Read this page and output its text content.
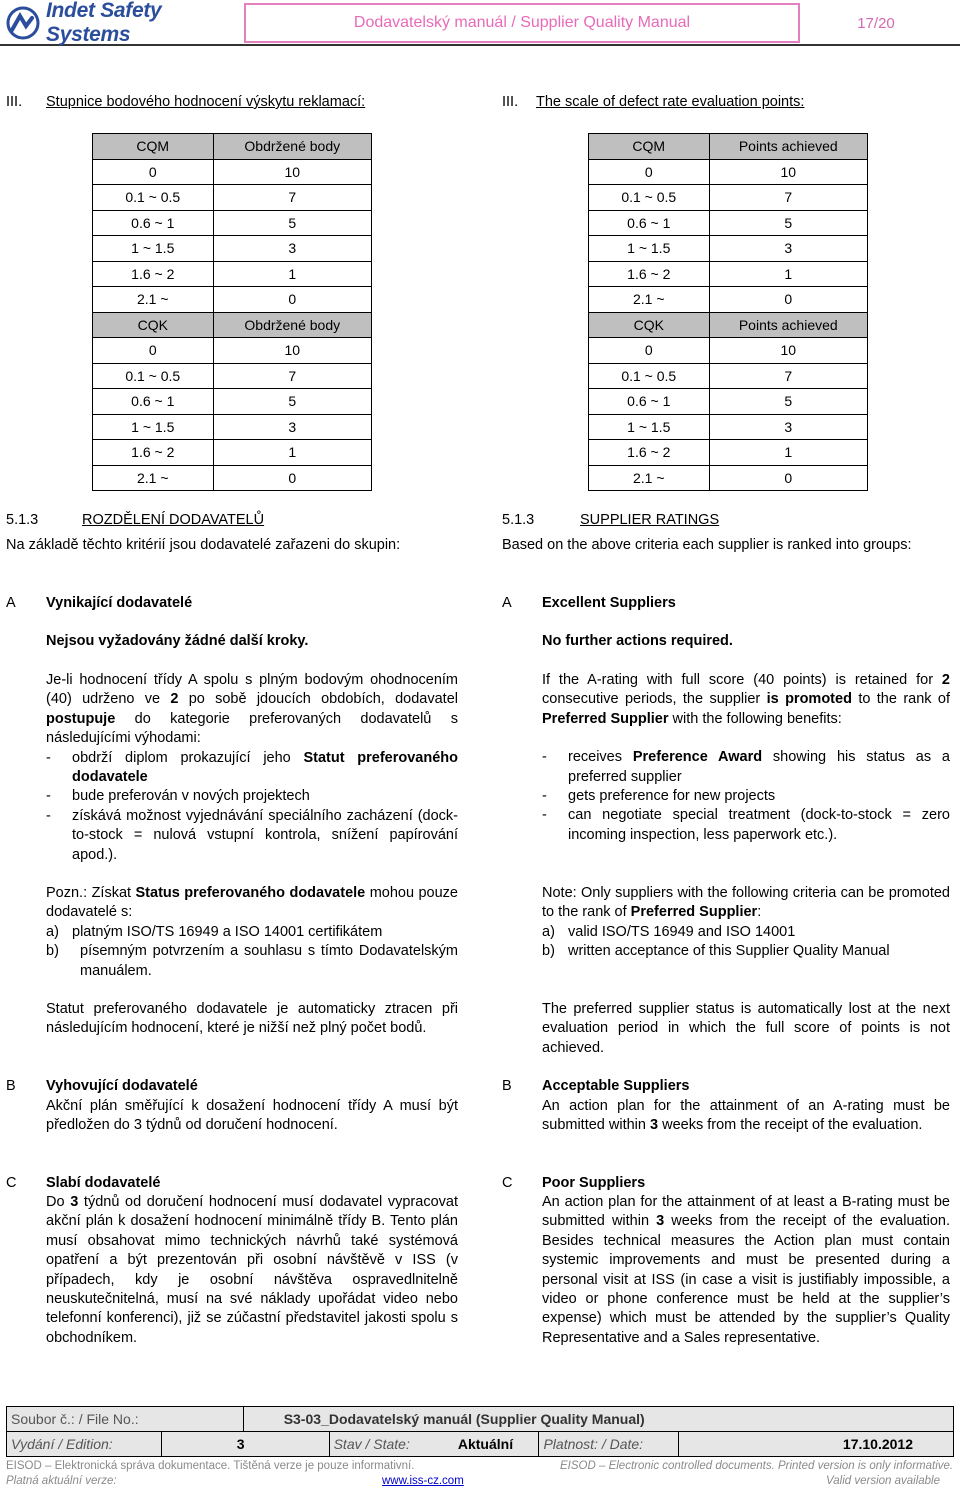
Indet Safety Systems
Dodavatelský manuál / Supplier Quality Manual	17/20
III. Stupnice bodového hodnocení výskytu reklamací:
CQM	Obdržené body
0	10
0.1 ~ 0.5	7
0.6 ~ 1	5
1 ~ 1.5	3
1.6 ~ 2	1
2.1 ~	0
CQK	Obdržené body
0	10
0.1 ~ 0.5	7
0.6 ~ 1	5
1 ~ 1.5	3
1.6 ~ 2	1
2.1 ~	0
5.1.3	ROZDĚLENÍ DODAVATELŮ
Na základě těchto kritérií jsou dodavatelé zařazeni do skupin:
A Vynikající dodavatelé
Nejsou vyžadovány žádné další kroky.
Je-li hodnocení třídy A spolu s plným bodovým ohodnocením (40) udrženo ve 2 po sobě jdoucích obdobích, dodavatel postupuje do kategorie preferovaných dodavatelů s následujícími výhodami:
- obdrží diplom prokazující jeho Statut preferovaného dodavatele
- bude preferován v nových projektech
- získává možnost vyjednávání speciálního zacházení (dock-to-stock = nulová vstupní kontrola, snížení papírování apod.).
Pozn.: Získat Status preferovaného dodavatele mohou pouze dodavatelé s:
a) platným ISO/TS 16949 a ISO 14001 certifikátem
b) písemným potvrzením a souhlasu s tímto Dodavatelským manuálem.
Statut preferovaného dodavatele je automaticky ztracen při následujícím hodnocení, které je nižší než plný počet bodů.
B Vyhovující dodavatelé
Akční plán směřující k dosažení hodnocení třídy A musí být předložen do 3 týdnů od doručení hodnocení.
C Slabí dodavatelé
Do 3 týdnů od doručení hodnocení musí dodavatel vypracovat akční plán k dosažení hodnocení minimálně třídy B. Tento plán musí obsahovat mimo technických návrhů také systémová opatření a být prezentován při osobní návštěvě v ISS (v případech, kdy je osobní návštěva ospravedlnitelně neuskutečnitelná, musí na své náklady upořádat video nebo telefonní konferenci), již se zúčastní představitel jakosti spolu s obchodníkem.
III. The scale of defect rate evaluation points:
CQM	Points achieved
0	10
0.1 ~ 0.5	7
0.6 ~ 1	5
1 ~ 1.5	3
1.6 ~ 2	1
2.1 ~	0
CQK	Points achieved
0	10
0.1 ~ 0.5	7
0.6 ~ 1	5
1 ~ 1.5	3
1.6 ~ 2	1
2.1 ~	0
5.1.3	SUPPLIER RATINGS
Based on the above criteria each supplier is ranked into groups:
A Excellent Suppliers
No further actions required.
If the A-rating with full score (40 points) is retained for 2 consecutive periods, the supplier is promoted to the rank of Preferred Supplier with the following benefits:
- receives Preference Award showing his status as a preferred supplier
- gets preference for new projects
- can negotiate special treatment (dock-to-stock = zero incoming inspection, less paperwork etc.).
Note: Only suppliers with the following criteria can be promoted to the rank of Preferred Supplier:
a) valid ISO/TS 16949 and ISO 14001
b) written acceptance of this Supplier Quality Manual
The preferred supplier status is automatically lost at the next evaluation period in which the full score of points is not achieved.
B Acceptable Suppliers
An action plan for the attainment of an A-rating must be submitted within 3 weeks from the receipt of the evaluation.
C Poor Suppliers
An action plan for the attainment of at least a B-rating must be submitted within 3 weeks from the receipt of the evaluation. Besides technical measures the Action plan must contain systemic improvements and must be presented during a personal visit at ISS (in case a visit is justifiably impossible, a video or phone conference must be held at the supplier’s expense) which must be attended by the supplier’s Quality Representative and a Sales representative.
Soubor č.: / File No.:		S3-03_Dodavatelský manuál (Supplier Quality Manual)			
Vydání / Edition:	3		Stav / State: Aktuální	Platnost: / Date:	17.10.2012
EISOD – Elektronická správa dokumentace. Tištěná verze je pouze informativní.	EISOD – Electronic controlled documents. Printed version is only informative.
Platná aktuální verze:	www.iss-cz.com	Valid version available
